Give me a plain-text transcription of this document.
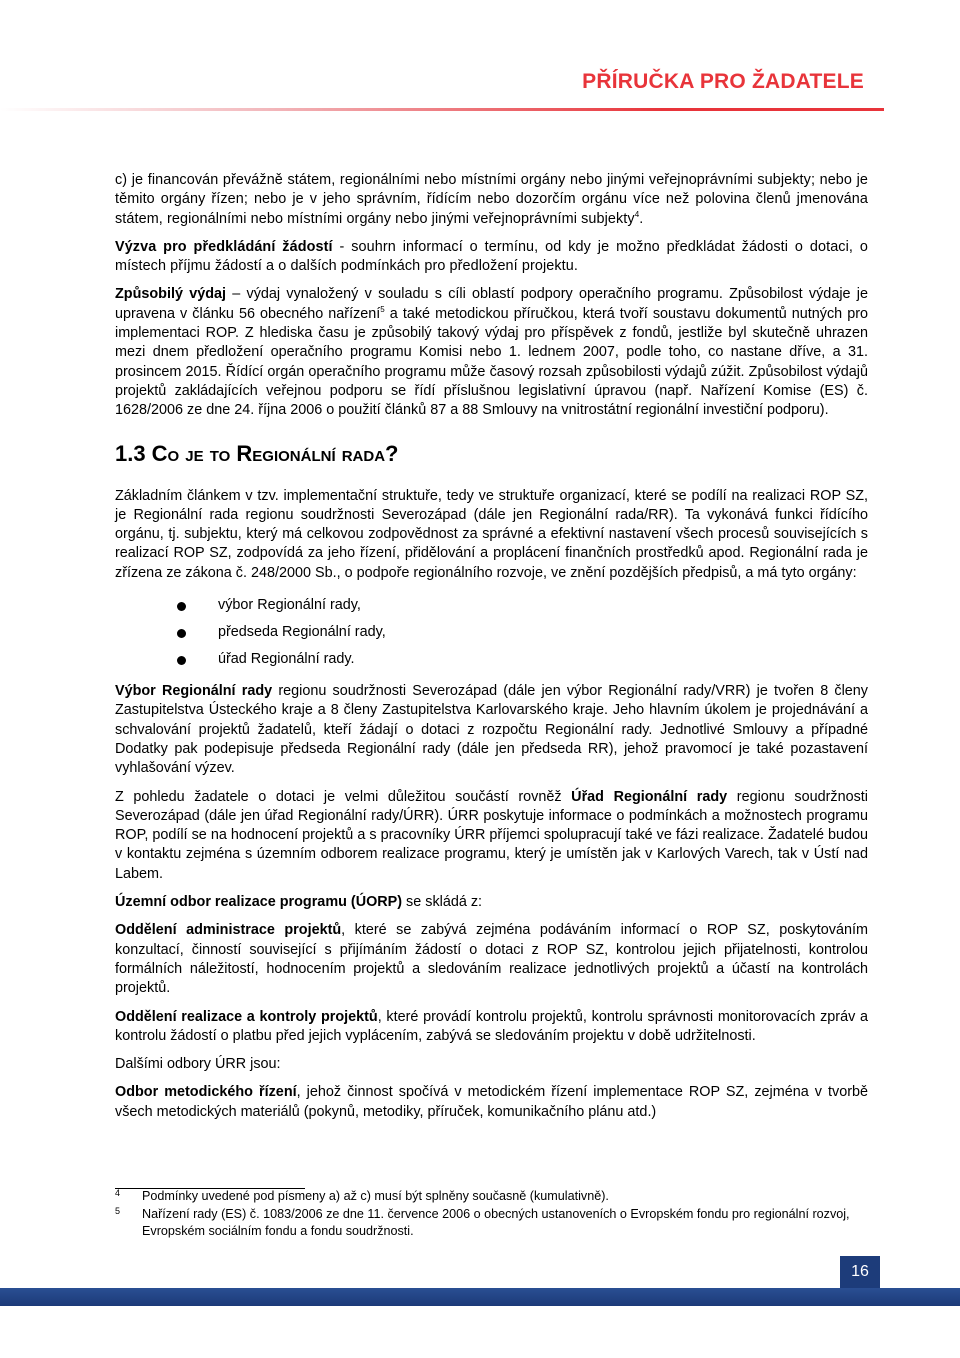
PŘÍRUČKA PRO ŽADATELE

c) je financován převážně státem, regionálními nebo místními orgány nebo jinými veřejnoprávními subjekty; nebo je těmito orgány řízen; nebo je v jeho správním, řídícím nebo dozorčím orgánu více než polovina členů jmenována státem, regionálními nebo místními orgány nebo jinými veřejnoprávními subjekty$^4$.

Výzva pro předkládání žádostí - souhrn informací o termínu, od kdy je možno předkládat žádosti o dotaci, o místech příjmu žádostí a o dalších podmínkách pro předložení projektu.

Způsobilý výdaj – výdaj vynaložený v souladu s cíli oblastí podpory operačního programu. Způsobilost výdaje je upravena v článku 56 obecného nařízení$^5$ a také metodickou příručkou, která tvoří soustavu dokumentů nutných pro implementaci ROP. Z hlediska času je způsobilý takový výdaj pro příspěvek z fondů, jestliže byl skutečně uhrazen mezi dnem předložení operačního programu Komisi nebo 1. lednem 2007, podle toho, co nastane dříve, a 31. prosincem 2015. Řídící orgán operačního programu může časový rozsah způsobilosti výdajů zúžit. Způsobilost výdajů projektů zakládajících veřejnou podporu se řídí příslušnou legislativní úpravou (např. Nařízení Komise (ES) č. 1628/2006 ze dne 24. října 2006 o použití článků 87 a 88 Smlouvy na vnitrostátní regionální investiční podporu).

1.3 Co je to Regionální rada?

Základním článkem v tzv. implementační struktuře, tedy ve struktuře organizací, které se podílí na realizaci ROP SZ, je Regionální rada regionu soudržnosti Severozápad (dále jen Regionální rada/RR). Ta vykonává funkci řídícího orgánu, tj. subjektu, který má celkovou zodpovědnost za správné a efektivní nastavení všech procesů souvisejících s realizací ROP SZ, zodpovídá za jeho řízení, přidělování a proplácení finančních prostředků apod. Regionální rada je zřízena ze zákona č. 248/2000 Sb., o podpoře regionálního rozvoje, ve znění pozdějších předpisů, a má tyto orgány:

výbor Regionální rady,
předseda Regionální rady,
úřad Regionální rady.

Výbor Regionální rady regionu soudržnosti Severozápad (dále jen výbor Regionální rady/VRR) je tvořen 8 členy Zastupitelstva Ústeckého kraje a 8 členy Zastupitelstva Karlovarského kraje. Jeho hlavním úkolem je projednávání a schvalování projektů žadatelů, kteří žádají o dotaci z rozpočtu Regionální rady. Jednotlivé Smlouvy a případné Dodatky pak podepisuje předseda Regionální rady (dále jen předseda RR), jehož pravomocí je také pozastavení vyhlašování výzev.

Z pohledu žadatele o dotaci je velmi důležitou součástí rovněž Úřad Regionální rady regionu soudržnosti Severozápad (dále jen úřad Regionální rady/ÚRR). ÚRR poskytuje informace o podmínkách a možnostech programu ROP, podílí se na hodnocení projektů a s pracovníky ÚRR příjemci spolupracují také ve fázi realizace. Žadatelé budou v kontaktu zejména s územním odborem realizace programu, který je umístěn jak v Karlových Varech, tak v Ústí nad Labem.

Územní odbor realizace programu (ÚORP) se skládá z:

Oddělení administrace projektů, které se zabývá zejména podáváním informací o ROP SZ, poskytováním konzultací, činností související s přijímáním žádostí o dotaci z ROP SZ, kontrolou jejich přijatelnosti, kontrolou formálních náležitostí, hodnocením projektů a sledováním realizace jednotlivých projektů a účastí na kontrolách projektů.

Oddělení realizace a kontroly projektů, které provádí kontrolu projektů, kontrolu správnosti monitorovacích zpráv a kontrolu žádostí o platbu před jejich vyplácením, zabývá se sledováním projektu v době udržitelnosti.

Dalšími odbory ÚRR jsou:

Odbor metodického řízení, jehož činnost spočívá v metodickém řízení implementace ROP SZ, zejména v tvorbě všech metodických materiálů (pokynů, metodiky, příruček, komunikačního plánu atd.)

4 Podmínky uvedené pod písmeny a) až c) musí být splněny současně (kumulativně).
5 Nařízení rady (ES) č. 1083/2006 ze dne 11. července 2006 o obecných ustanoveních o Evropském fondu pro regionální rozvoj, Evropském sociálním fondu a fondu soudržnosti.
16
